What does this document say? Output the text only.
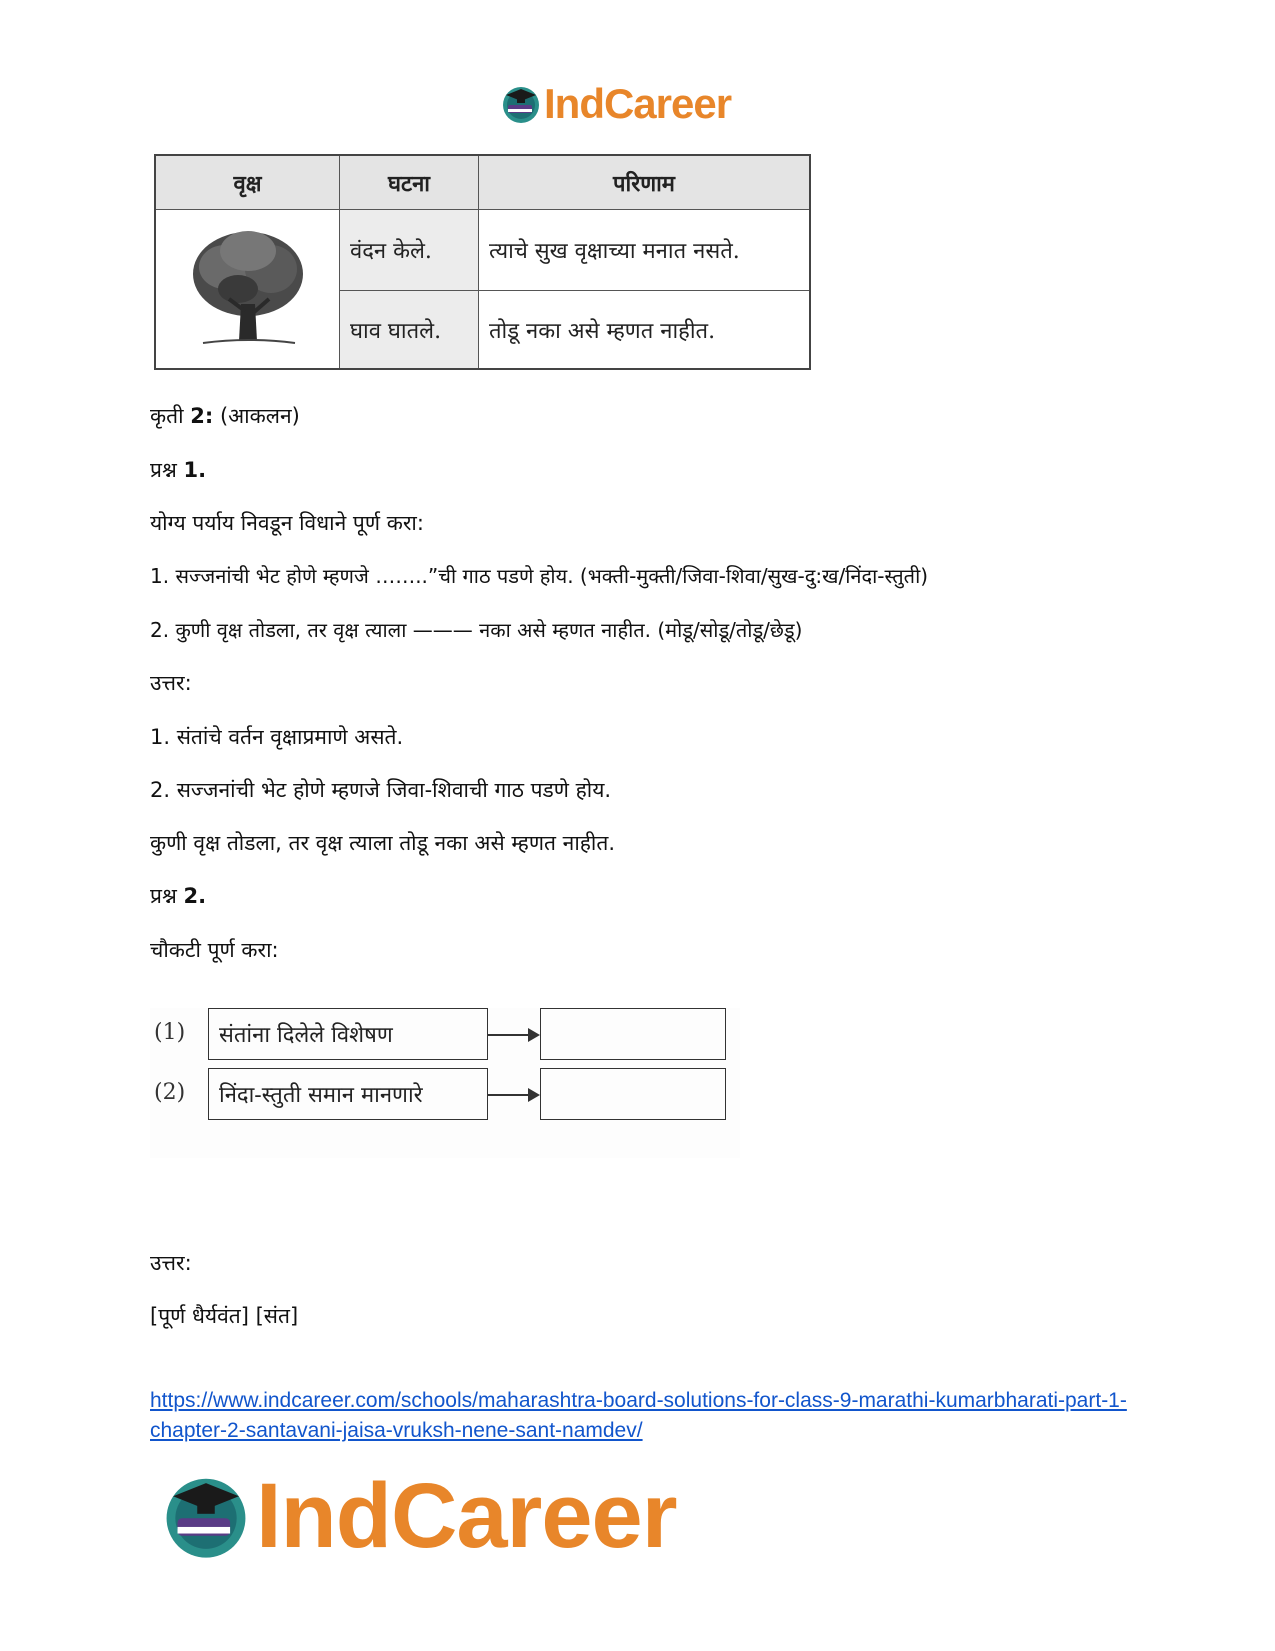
IndCareer
वृक्ष	घटना	परिणाम
वंदन केले.	त्याचे सुख वृक्षाच्या मनात नसते.
घाव घातले.	तोडू नका असे म्हणत नाहीत.
कृती 2: (आकलन)
प्रश्न 1.
योग्य पर्याय निवडून विधाने पूर्ण करा:
1. सज्जनांची भेट होणे म्हणजे ……..”ची गाठ पडणे होय. (भक्ती-मुक्ती/जिवा-शिवा/सुख-दु:ख/निंदा-स्तुती)
2. कुणी वृक्ष तोडला, तर वृक्ष त्याला ——— नका असे म्हणत नाहीत. (मोडू/सोडू/तोडू/छेडू)
उत्तर:
1. संतांचे वर्तन वृक्षाप्रमाणे असते.
2. सज्जनांची भेट होणे म्हणजे जिवा-शिवाची गाठ पडणे होय.
कुणी वृक्ष तोडला, तर वृक्ष त्याला तोडू नका असे म्हणत नाहीत.
प्रश्न 2.
चौकटी पूर्ण करा:
(1)	संतांना दिलेले विशेषण
(2)	निंदा-स्तुती समान मानणारे
उत्तर:
[पूर्ण धैर्यवंत] [संत]
https://www.indcareer.com/schools/maharashtra-board-solutions-for-class-9-marathi-kumarbharati-part-1-chapter-2-santavani-jaisa-vruksh-nene-sant-namdev/
IndCareer
